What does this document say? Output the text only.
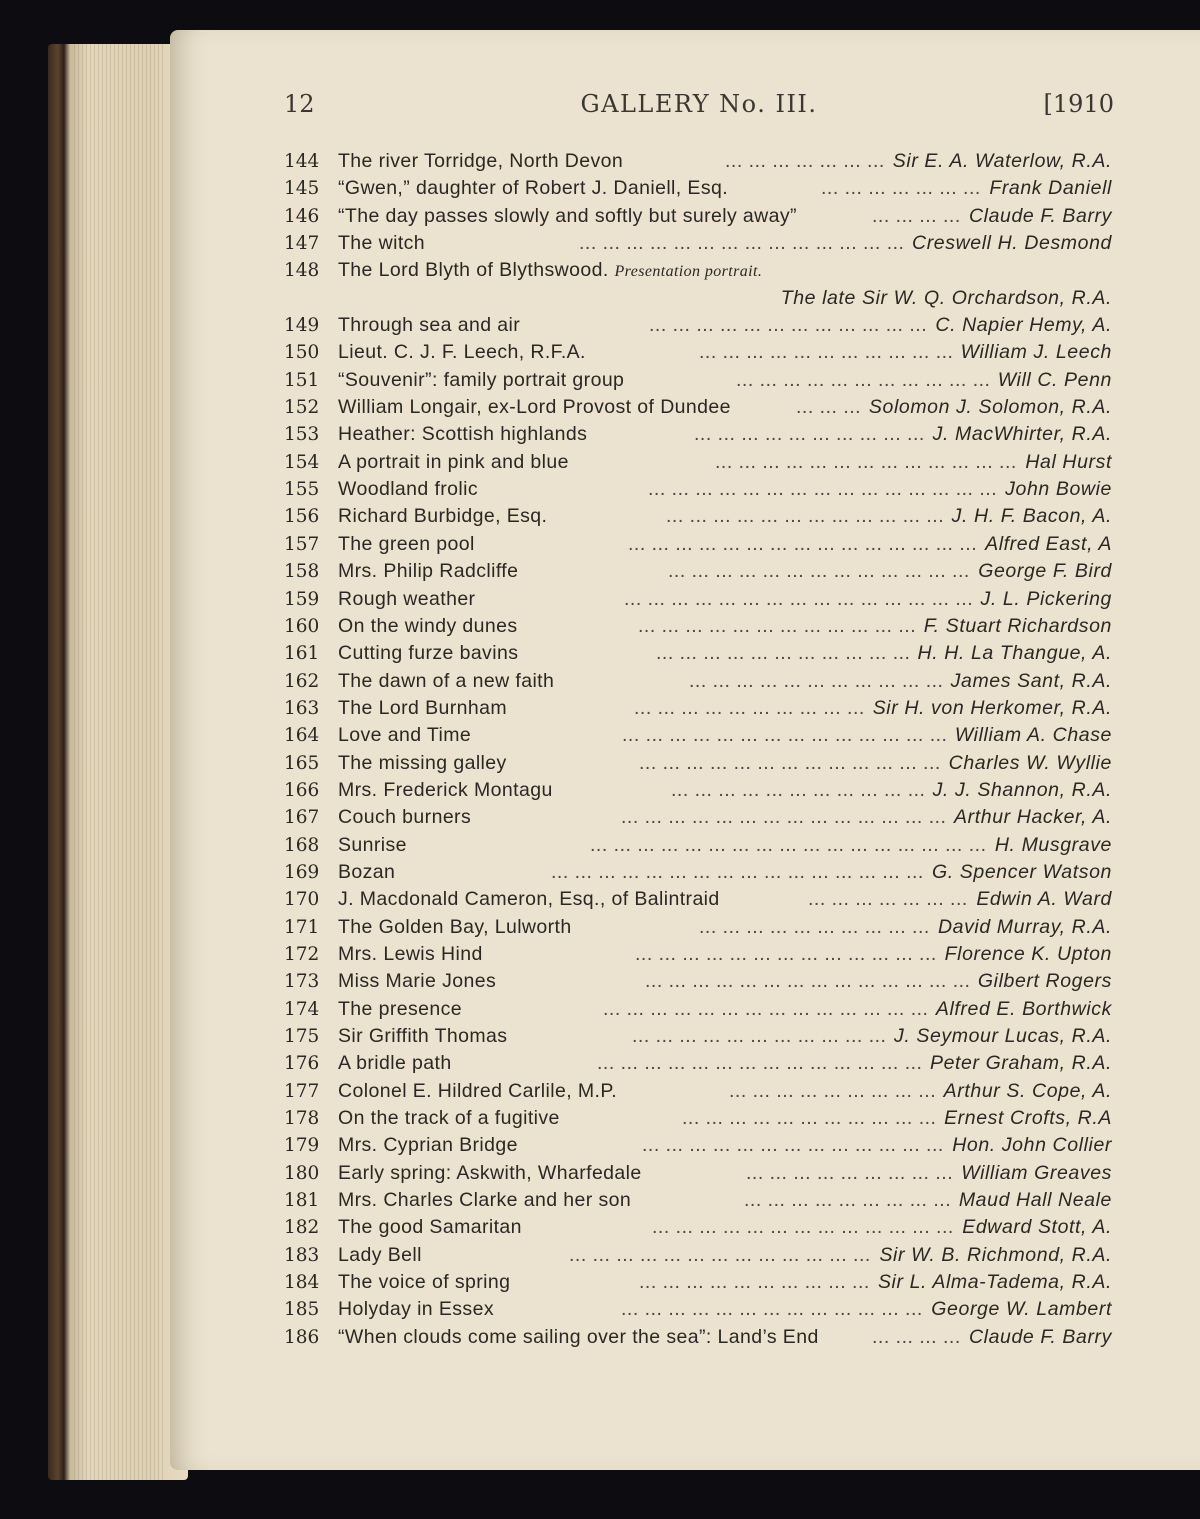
12	GALLERY No. III.	[1910
144 The river Torridge, North Devon	... ... ... ... ... ... ... Sir E. A. Waterlow, R.A.
145 “Gwen,” daughter of Robert J. Daniell, Esq.	... ... ... ... ... ... ... Frank Daniell
146 “The day passes slowly and softly but surely away”	... ... ... ... Claude F. Barry
147 The witch	... ... ... ... ... ... ... ... ... ... ... ... ... ... Creswell H. Desmond
148 The Lord Blyth of Blythswood. Presentation portrait.
The late Sir W. Q. Orchardson, R.A.
149 Through sea and air	... ... ... ... ... ... ... ... ... ... ... ... C. Napier Hemy, A.
150 Lieut. C. J. F. Leech, R.F.A.	... ... ... ... ... ... ... ... ... ... ... William J. Leech
151 “Souvenir”: family portrait group	... ... ... ... ... ... ... ... ... ... ... Will C. Penn
152 William Longair, ex-Lord Provost of Dundee	... ... ... Solomon J. Solomon, R.A.
153 Heather: Scottish highlands	... ... ... ... ... ... ... ... ... ... J. MacWhirter, R.A.
154 A portrait in pink and blue	... ... ... ... ... ... ... ... ... ... ... ... ... Hal Hurst
155 Woodland frolic	... ... ... ... ... ... ... ... ... ... ... ... ... ... ... John Bowie
156 Richard Burbidge, Esq.	... ... ... ... ... ... ... ... ... ... ... ... J. H. F. Bacon, A.
157 The green pool	... ... ... ... ... ... ... ... ... ... ... ... ... ... ... Alfred East, A
158 Mrs. Philip Radcliffe	... ... ... ... ... ... ... ... ... ... ... ... ... George F. Bird
159 Rough weather	... ... ... ... ... ... ... ... ... ... ... ... ... ... ... J. L. Pickering
160 On the windy dunes	... ... ... ... ... ... ... ... ... ... ... ... F. Stuart Richardson
161 Cutting furze bavins	... ... ... ... ... ... ... ... ... ... ... H. H. La Thangue, A.
162 The dawn of a new faith	... ... ... ... ... ... ... ... ... ... ... James Sant, R.A.
163 The Lord Burnham	... ... ... ... ... ... ... ... ... ... Sir H. von Herkomer, R.A.
164 Love and Time	... ... ... ... ... ... ... ... ... ... ... ... ... ... William A. Chase
165 The missing galley	... ... ... ... ... ... ... ... ... ... ... ... ... Charles W. Wyllie
166 Mrs. Frederick Montagu	... ... ... ... ... ... ... ... ... ... ... J. J. Shannon, R.A.
167 Couch burners	... ... ... ... ... ... ... ... ... ... ... ... ... ... Arthur Hacker, A.
168 Sunrise	... ... ... ... ... ... ... ... ... ... ... ... ... ... ... ... ... H. Musgrave
169 Bozan	... ... ... ... ... ... ... ... ... ... ... ... ... ... ... ... G. Spencer Watson
170 J. Macdonald Cameron, Esq., of Balintraid	... ... ... ... ... ... ... Edwin A. Ward
171 The Golden Bay, Lulworth	... ... ... ... ... ... ... ... ... ... David Murray, R.A.
172 Mrs. Lewis Hind	... ... ... ... ... ... ... ... ... ... ... ... ... Florence K. Upton
173 Miss Marie Jones	... ... ... ... ... ... ... ... ... ... ... ... ... ... Gilbert Rogers
174 The presence	... ... ... ... ... ... ... ... ... ... ... ... ... ... Alfred E. Borthwick
175 Sir Griffith Thomas	... ... ... ... ... ... ... ... ... ... ... J. Seymour Lucas, R.A.
176 A bridle path	... ... ... ... ... ... ... ... ... ... ... ... ... ... Peter Graham, R.A.
177 Colonel E. Hildred Carlile, M.P.	... ... ... ... ... ... ... ... ... Arthur S. Cope, A.
178 On the track of a fugitive	... ... ... ... ... ... ... ... ... ... ... Ernest Crofts, R.A
179 Mrs. Cyprian Bridge	... ... ... ... ... ... ... ... ... ... ... ... ... Hon. John Collier
180 Early spring: Askwith, Wharfedale	... ... ... ... ... ... ... ... ... William Greaves
181 Mrs. Charles Clarke and her son	... ... ... ... ... ... ... ... ... Maud Hall Neale
182 The good Samaritan	... ... ... ... ... ... ... ... ... ... ... ... ... Edward Stott, A.
183 Lady Bell	... ... ... ... ... ... ... ... ... ... ... ... ... Sir W. B. Richmond, R.A.
184 The voice of spring	... ... ... ... ... ... ... ... ... ... Sir L. Alma-Tadema, R.A.
185 Holyday in Essex	... ... ... ... ... ... ... ... ... ... ... ... ... George W. Lambert
186 “When clouds come sailing over the sea”: Land’s End	... ... ... ... Claude F. Barry
